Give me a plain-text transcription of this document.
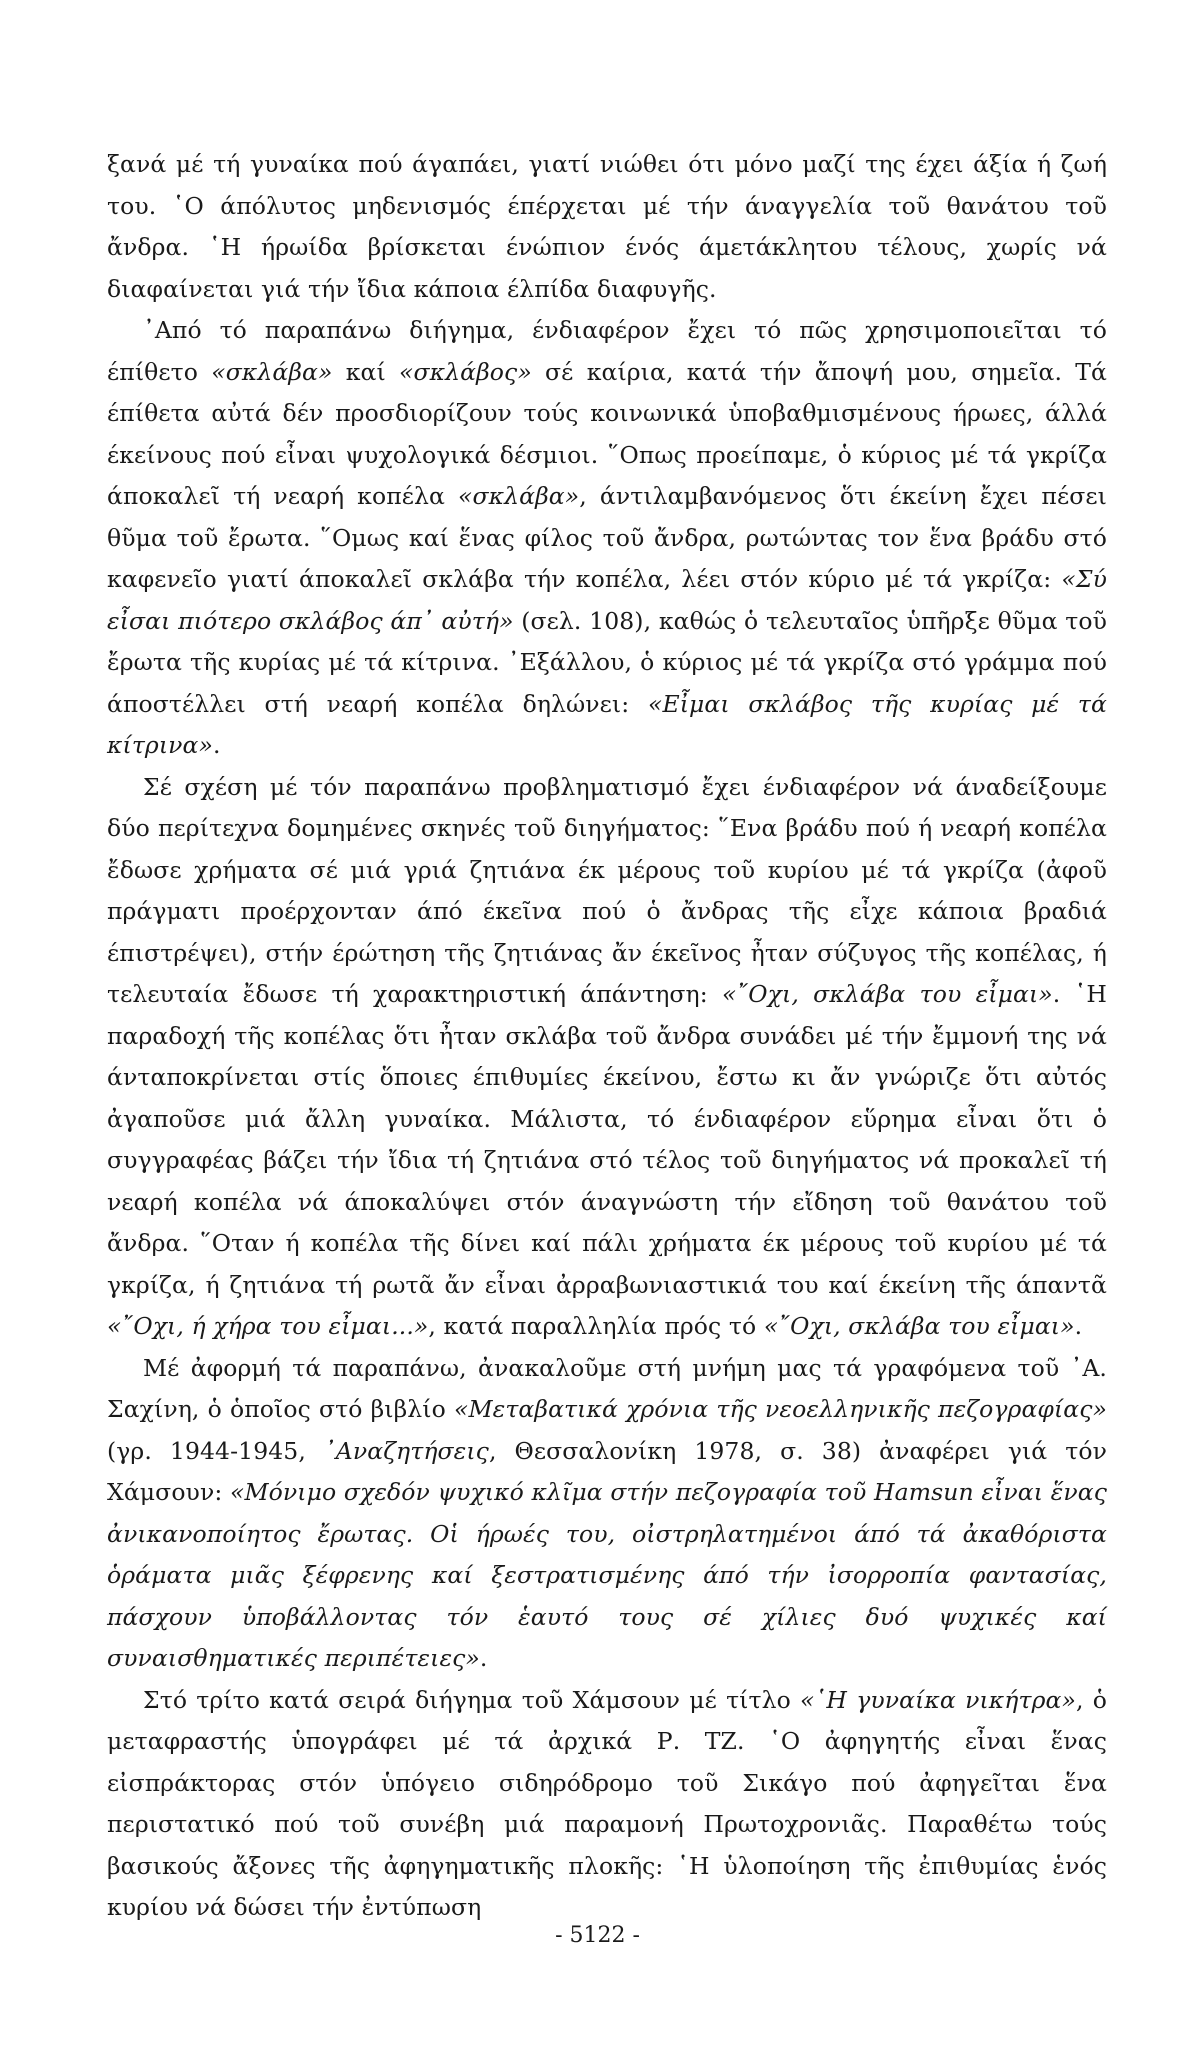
ξανά μέ τή γυναίκα πού άγαπάει, γιατί νιώθει ότι μόνο μαζί της έχει άξία ή ζωή του. ῾Ο άπόλυτος μηδενισμός έπέρχεται μέ τήν άναγγελία τοῦ θανάτου τοῦ ἄνδρα. ῾Η ήρωίδα βρίσκεται ένώπιον ένός άμετάκλητου τέλους, χωρίς νά διαφαίνεται γιά τήν ἴδια κάποια έλπίδα διαφυγῆς.

᾽Από τό παραπάνω διήγημα, ένδιαφέρον ἔχει τό πῶς χρησιμοποιεῖται τό έπίθετο «σκλάβα» καί «σκλάβος» σέ καίρια, κατά τήν ἄποψή μου, σημεῖα. Τά έπίθετα αὐτά δέν προσδιορίζουν τούς κοινωνικά ὑποβαθμισμένους ήρωες, άλλά έκείνους πού εἶναι ψυχολογικά δέσμιοι. ῞Οπως προείπαμε, ὁ κύριος μέ τά γκρίζα άποκαλεῖ τή νεαρή κοπέλα «σκλάβα», άντιλαμβανόμενος ὅτι έκείνη ἔχει πέσει θῦμα τοῦ ἔρωτα. ῞Ομως καί ἕνας φίλος τοῦ ἄνδρα, ρωτώντας τον ἕνα βράδυ στό καφενεῖο γιατί άποκαλεῖ σκλάβα τήν κοπέλα, λέει στόν κύριο μέ τά γκρίζα: «Σύ εἶσαι πιότερο σκλάβος άπ᾽ αὐτή» (σελ. 108), καθώς ὁ τελευταῖος ὑπῆρξε θῦμα τοῦ ἔρωτα τῆς κυρίας μέ τά κίτρινα. ᾽Εξάλλου, ὁ κύριος μέ τά γκρίζα στό γράμμα πού άποστέλλει στή νεαρή κοπέλα δηλώνει: «Εἶμαι σκλάβος τῆς κυρίας μέ τά κίτρινα».

Σέ σχέση μέ τόν παραπάνω προβληματισμό ἔχει ένδιαφέρον νά άναδείξουμε δύο περίτεχνα δομημένες σκηνές τοῦ διηγήματος: ῞Ενα βράδυ πού ή νεαρή κοπέλα ἔδωσε χρήματα σέ μιά γριά ζητιάνα έκ μέρους τοῦ κυρίου μέ τά γκρίζα (ἀφοῦ πράγματι προέρχονταν άπό έκεῖνα πού ὁ ἄνδρας τῆς εἶχε κάποια βραδιά έπιστρέψει), στήν έρώτηση τῆς ζητιάνας ἄν έκεῖνος ἦταν σύζυγος τῆς κοπέλας, ή τελευταία ἔδωσε τή χαρακτηριστική άπάντηση: «῎Οχι, σκλάβα του εἶμαι». ῾Η παραδοχή τῆς κοπέλας ὅτι ἦταν σκλάβα τοῦ ἄνδρα συνάδει μέ τήν ἔμμονή της νά άνταποκρίνεται στίς ὅποιες έπιθυμίες έκείνου, ἔστω κι ἄν γνώριζε ὅτι αὐτός ἀγαποῦσε μιά ἄλλη γυναίκα. Μάλιστα, τό ένδιαφέρον εὕρημα εἶναι ὅτι ὁ συγγραφέας βάζει τήν ἴδια τή ζητιάνα στό τέλος τοῦ διηγήματος νά προκαλεῖ τή νεαρή κοπέλα νά άποκαλύψει στόν άναγνώστη τήν εἴδηση τοῦ θανάτου τοῦ ἄνδρα. ῞Οταν ή κοπέλα τῆς δίνει καί πάλι χρήματα έκ μέρους τοῦ κυρίου μέ τά γκρίζα, ή ζητιάνα τή ρωτᾶ ἄν εἶναι ἀρραβωνιαστικιά του καί έκείνη τῆς άπαντᾶ «῎Οχι, ή χήρα του εἶμαι...», κατά παραλληλία πρός τό «῎Οχι, σκλάβα του εἶμαι».

Μέ ἀφορμή τά παραπάνω, ἀνακαλοῦμε στή μνήμη μας τά γραφόμενα τοῦ ᾽Α. Σαχίνη, ὁ ὁποῖος στό βιβλίο «Μεταβατικά χρόνια τῆς νεοελληνικῆς πεζογραφίας» (γρ. 1944-1945, ᾽Αναζητήσεις, Θεσσαλονίκη 1978, σ. 38) ἀναφέρει γιά τόν Χάμσουν: «Μόνιμο σχεδόν ψυχικό κλῖμα στήν πεζογραφία τοῦ Hamsun εἶναι ἕνας ἀνικανοποίητος ἔρωτας. Οἱ ήρωές του, οἰστρηλατημένοι άπό τά ἀκαθόριστα ὁράματα μιᾶς ξέφρενης καί ξεστρατισμένης άπό τήν ἰσορροπία φαντασίας, πάσχουν ὑποβάλλοντας τόν ἑαυτό τους σέ χίλιες δυό ψυχικές καί συναισθηματικές περιπέτειες».

Στό τρίτο κατά σειρά διήγημα τοῦ Χάμσουν μέ τίτλο «῾Η γυναίκα νικήτρα», ὁ μεταφραστής ὑπογράφει μέ τά ἀρχικά Ρ. ΤΖ. ῾Ο ἀφηγητής εἶναι ἕνας εἰσπράκτορας στόν ὑπόγειο σιδηρόδρομο τοῦ Σικάγο πού ἀφηγεῖται ἕνα περιστατικό πού τοῦ συνέβη μιά παραμονή Πρωτοχρονιᾶς. Παραθέτω τούς βασικούς ἄξονες τῆς ἀφηγηματικῆς πλοκῆς: ῾Η ὑλοποίηση τῆς ἐπιθυμίας ἑνός κυρίου νά δώσει τήν ἐντύπωση

- 5122 -
